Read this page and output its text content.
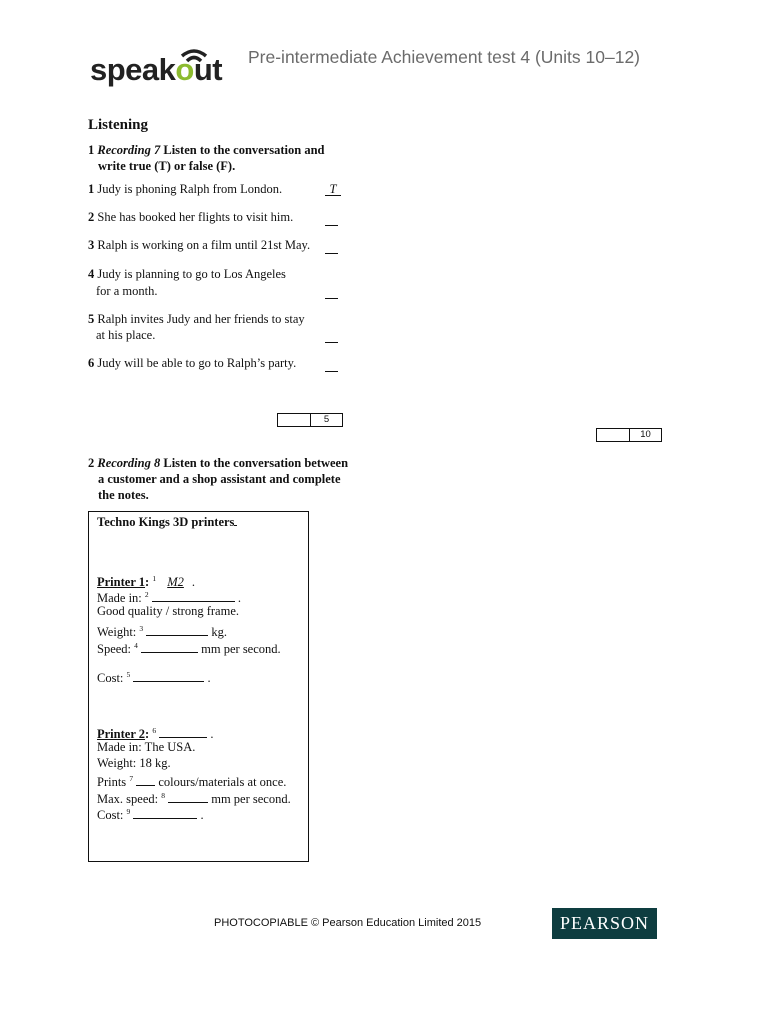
speakout Pre-intermediate Achievement test 4 (Units 10–12)
Listening
1 Recording 7 Listen to the conversation and
write true (T) or false (F).
1 Judy is phoning Ralph from London.	T
2 She has booked her flights to visit him.
3 Ralph is working on a film until 21st May.
4 Judy is planning to go to Los Angeles
for a month.
5 Ralph invites Judy and her friends to stay
at his place.
6 Judy will be able to go to Ralph’s party.
5
10
2 Recording 8 Listen to the conversation between
a customer and a shop assistant and complete
the notes.
Techno Kings 3D printers
Printer 1: $^1$ M2 .
Made in: $^2$	.
Good quality / strong frame.
Weight: $^3$	kg.
Speed: $^4$	mm per second.
Cost: $^5$	.
Printer 2: $^6$	.
Made in: The USA.
Weight: 18 kg.
Prints $^7$ colours/materials at once.
Max. speed: $^8$	mm per second.
Cost: $^9$	.
PHOTOCOPIABLE © Pearson Education Limited 2015	PEARSON
